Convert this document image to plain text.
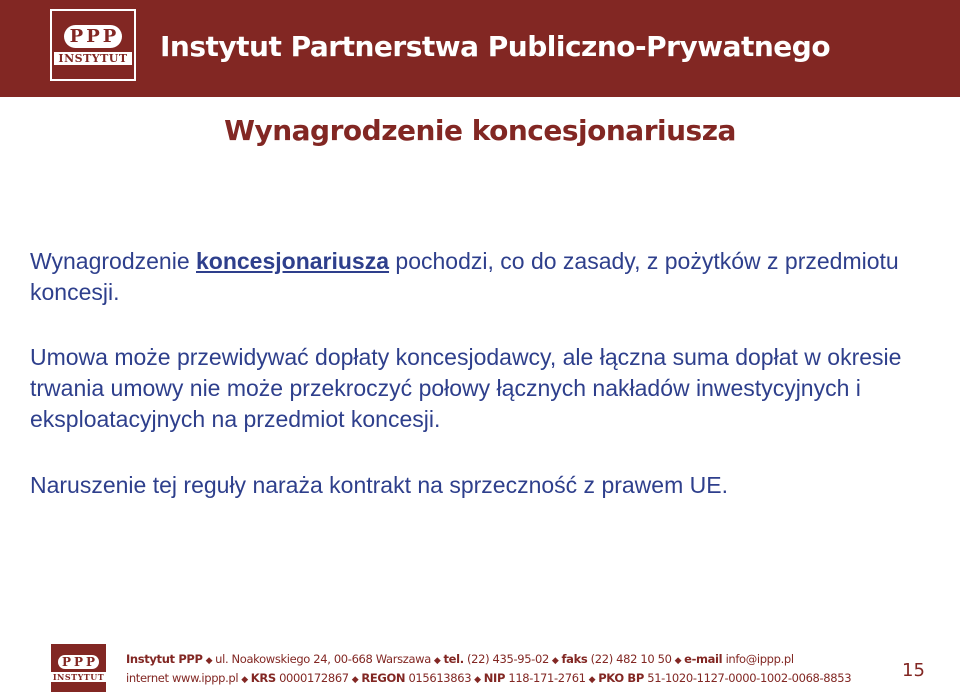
P P P
INSTYTUT Instytut Partnerstwa Publiczno-Prywatnego
Wynagrodzenie koncesjonariusza
Wynagrodzenie koncesjonariusza pochodzi, co do zasady, z pożytków z przedmiotu koncesji.
Umowa może przewidywać dopłaty koncesjodawcy, ale łączna suma dopłat w okresie trwania umowy nie może przekroczyć połowy łącznych nakładów inwestycyjnych i eksploatacyjnych na przedmiot koncesji.
Naruszenie tej reguły naraża kontrakt na sprzeczność z prawem UE.
P P P
INSTYTUT
Instytut PPP ◆ ul. Noakowskiego 24, 00-668 Warszawa ◆ tel. (22) 435-95-02 ◆ faks (22) 482 10 50 ◆ e-mail info@ippp.pl
internet www.ippp.pl ◆ KRS 0000172867 ◆ REGON 015613863 ◆ NIP 118-171-2761 ◆ PKO BP 51-1020-1127-0000-1002-0068-8853	15
